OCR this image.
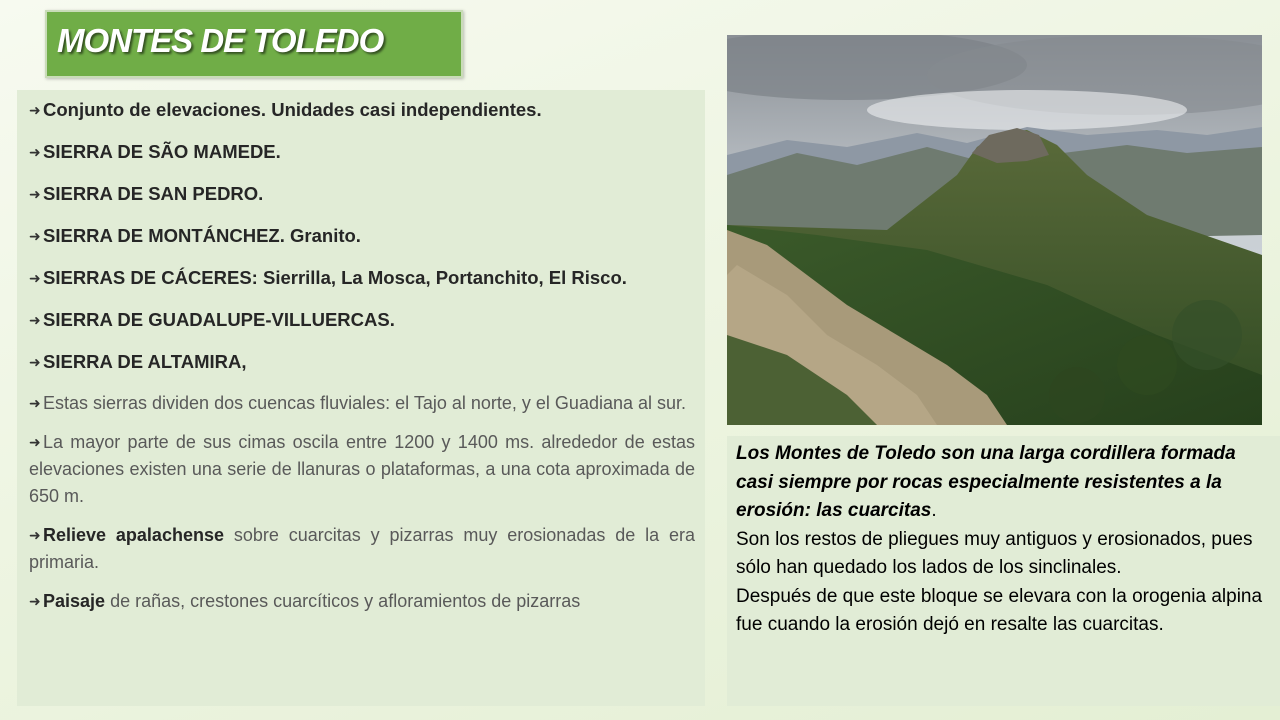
MONTES DE TOLEDO

➜ Conjunto de elevaciones. Unidades casi independientes.

➜ SIERRA DE SÃO MAMEDE.

➜ SIERRA DE SAN PEDRO.

➜ SIERRA DE MONTÁNCHEZ. Granito.

➜ SIERRAS DE CÁCERES: Sierrilla, La Mosca, Portanchito, El Risco.

➜ SIERRA DE GUADALUPE-VILLUERCAS.

➜ SIERRA DE ALTAMIRA,

➜ Estas sierras dividen dos cuencas fluviales: el Tajo al norte, y el Guadiana al sur.

➜ La mayor parte de sus cimas oscila entre 1200 y 1400 ms. alrededor de estas elevaciones existen una serie de llanuras o plataformas, a una cota aproximada de 650 m.

➜ Relieve apalachense sobre cuarcitas y pizarras muy erosionadas de la era primaria.

➜ Paisaje de rañas, crestones cuarcíticos y afloramientos de pizarras

Los Montes de Toledo son una larga cordillera formada casi siempre por rocas especialmente resistentes a la erosión: las cuarcitas.
Son los restos de pliegues muy antiguos y erosionados, pues sólo han quedado los lados de los sinclinales.
Después de que este bloque se elevara con la orogenia alpina fue cuando la erosión dejó en resalte las cuarcitas.
